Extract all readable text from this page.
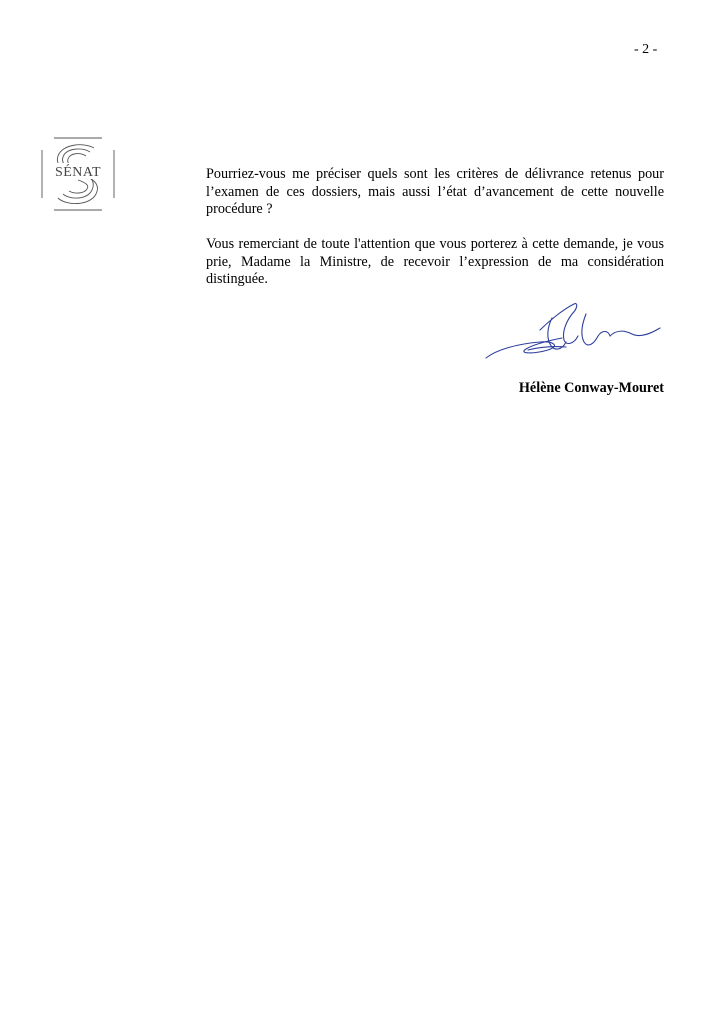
- 2 -
SÉNAT	Pourriez-vous me préciser quels sont les critères de délivrance retenus pour l’examen de ces dossiers, mais aussi l’état d’avancement de cette nouvelle procédure ?

Vous remerciant de toute l'attention que vous porterez à cette demande, je vous prie, Madame la Ministre, de recevoir l’expression de ma considération distinguée.

Hélène Conway-Mouret
